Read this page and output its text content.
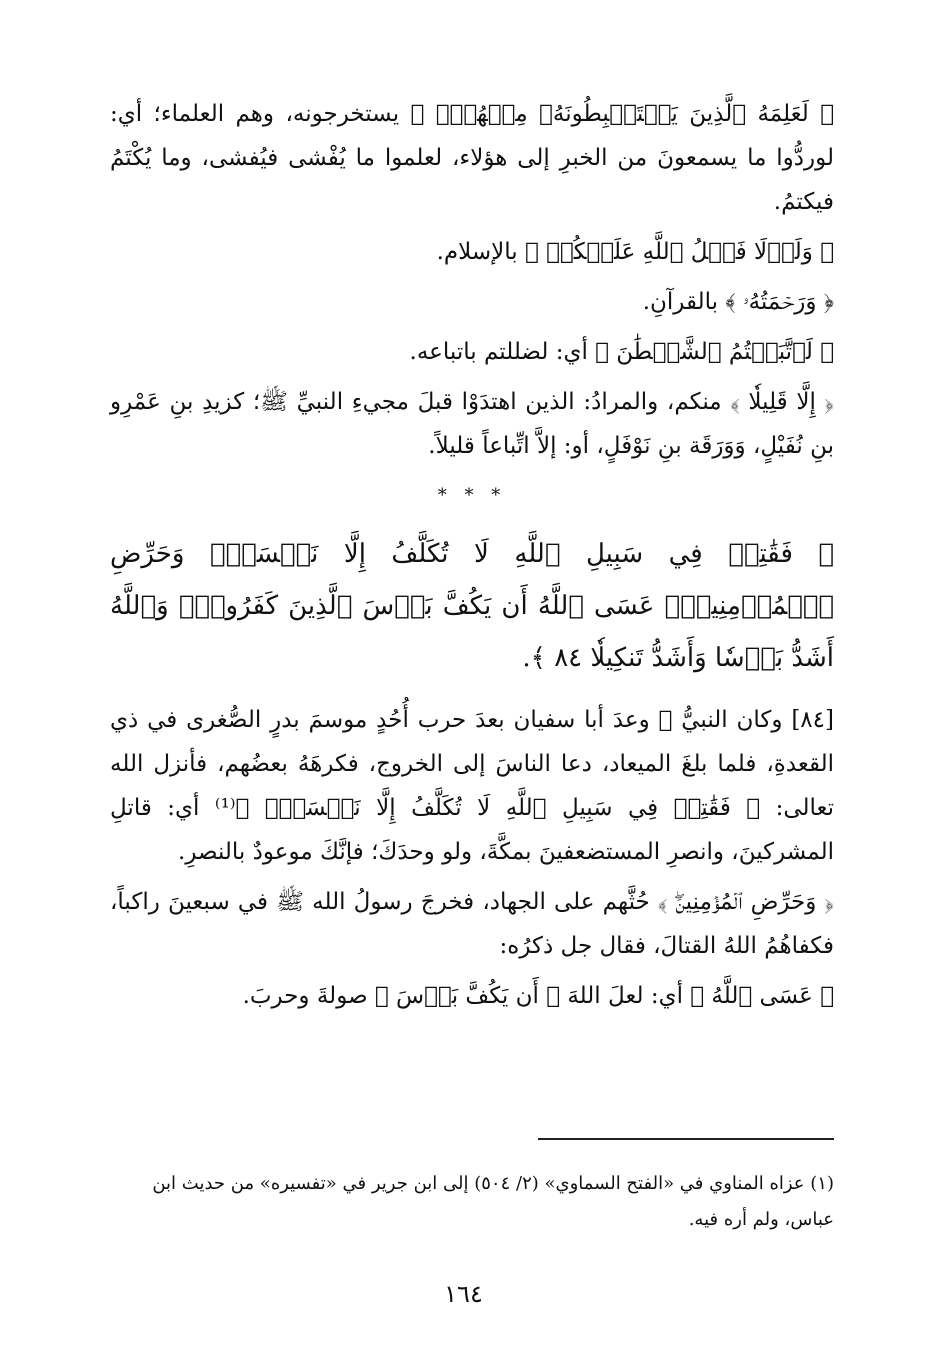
﴿ لَعَلِمَهُ ٱلَّذِينَ يَسۡتَنۢبِطُونَهُۥ مِنۡهُمۡۗ ﴾ يستخرجونه، وهم العلماء؛ أي: لوردُّوا ما يسمعونَ من الخبرِ إلى هؤلاء، لعلموا ما يُفْشى فيُفشى، وما يُكْتَمُ فيكتمُ.

﴿ وَلَوۡلَا فَضۡلُ ٱللَّهِ عَلَيۡكُمۡ ﴾ بالإسلام.

﴿ وَرَحۡمَتُهُۥ ﴾ بالقرآنِ.

﴿ لَٱتَّبَعۡتُمُ ٱلشَّيۡطَٰنَ ﴾ أي: لضللتم باتباعه.

﴿ إِلَّا قَلِيلٗا ﴾ منكم، والمرادُ: الذين اهتدَوْا قبلَ مجيءِ النبيِّ ﷺ؛ كزيدِ بنِ عَمْرِو بنِ نُفَيْلٍ، وَوَرَقَة بنِ نَوْفَلٍ، أو: إلاَّ اتِّباعاً قليلاً.

* * *

﴿ فَقَٰتِلۡ فِي سَبِيلِ ٱللَّهِ لَا تُكَلَّفُ إِلَّا نَفۡسَكَۚ وَحَرِّضِ ٱلۡمُؤۡمِنِينَۖ عَسَى ٱللَّهُ أَن يَكُفَّ بَأۡسَ ٱلَّذِينَ كَفَرُواْۚ وَٱللَّهُ أَشَدُّ بَأۡسٗا وَأَشَدُّ تَنكِيلٗا ٨٤ ﴾.

[٨٤] وكان النبيُّ ﷺ وعدَ أبا سفيان بعدَ حرب أُحُدٍ موسمَ بدرٍ الصُّغرى في ذي القعدةِ، فلما بلغَ الميعاد، دعا الناسَ إلى الخروج، فكرهَهُ بعضُهم، فأنزل الله تعالى: ﴿ فَقَٰتِلۡ فِي سَبِيلِ ٱللَّهِ لَا تُكَلَّفُ إِلَّا نَفۡسَكَۚ ﴾⁽¹⁾ أي: قاتلِ المشركينَ، وانصرِ المستضعفينَ بمكَّةَ، ولو وحدَكَ؛ فإنَّكَ موعودٌ بالنصرِ.

﴿ وَحَرِّضِ ٱلۡمُؤۡمِنِينَۖ ﴾ حُثَّهم على الجهاد، فخرجَ رسولُ الله ﷺ في سبعينَ راكباً، فكفاهُمُ اللهُ القتالَ، فقال جل ذكرُه:

﴿ عَسَى ٱللَّهُ ﴾ أي: لعلَ اللهَ ﴿ أَن يَكُفَّ بَأۡسَ ﴾ صولةَ وحربَ.

(١) عزاه المناوي في «الفتح السماوي» (٢/ ٥٠٤) إلى ابن جرير في «تفسيره» من حديث ابن عباس، ولم أره فيه.

١٦٤
